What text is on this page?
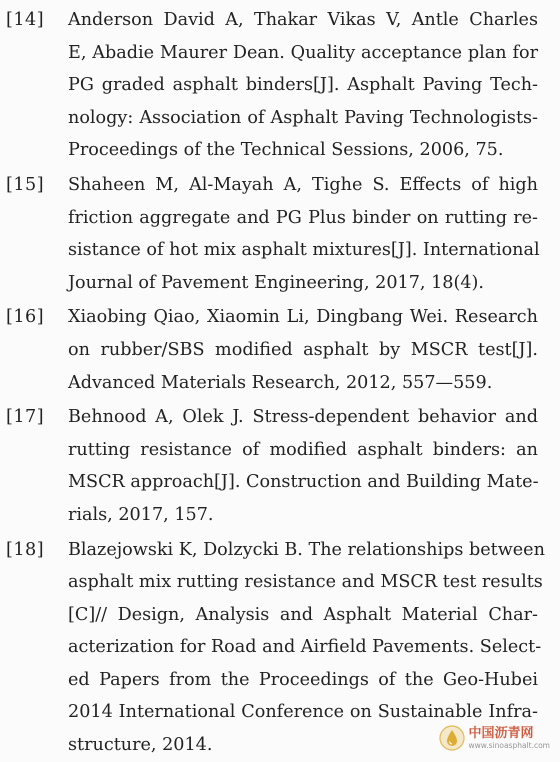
[14]	Anderson David A, Thakar Vikas V, Antle Charles
E, Abadie Maurer Dean. Quality acceptance plan for
PG graded asphalt binders[J]. Asphalt Paving Tech-
nology: Association of Asphalt Paving Technologists-
Proceedings of the Technical Sessions, 2006, 75.
[15]	Shaheen M, Al-Mayah A, Tighe S. Effects of high
friction aggregate and PG Plus binder on rutting re-
sistance of hot mix asphalt mixtures[J]. International
Journal of Pavement Engineering, 2017, 18(4).
[16]	Xiaobing Qiao, Xiaomin Li, Dingbang Wei. Research
on rubber/SBS modified asphalt by MSCR test[J].
Advanced Materials Research, 2012, 557—559.
[17]	Behnood A, Olek J. Stress-dependent behavior and
rutting resistance of modified asphalt binders: an
MSCR approach[J]. Construction and Building Mate-
rials, 2017, 157.
[18]	Blazejowski K, Dolzycki B. The relationships between
asphalt mix rutting resistance and MSCR test results
[C]// Design, Analysis and Asphalt Material Char-
acterization for Road and Airfield Pavements. Select-
ed Papers from the Proceedings of the Geo-Hubei
2014 International Conference on Sustainable Infra-
structure, 2014.
中国沥青网
www.sinoasphalt.com
